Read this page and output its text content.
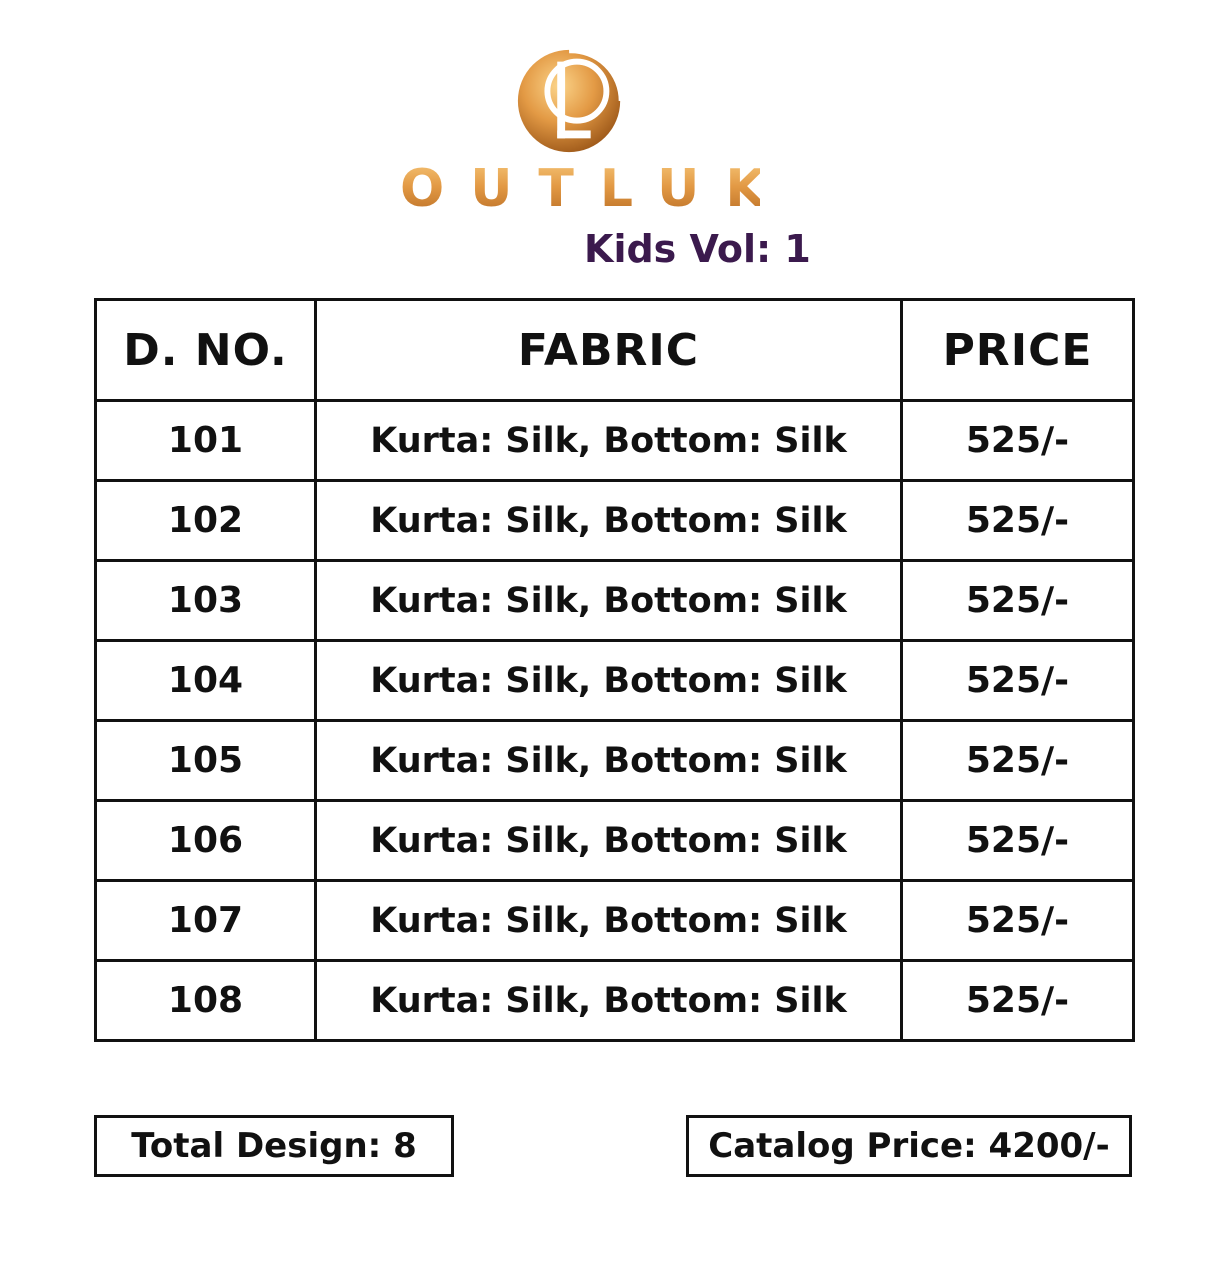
OUTLUK
Kids Vol: 1
D. NO.	FABRIC	PRICE
101	Kurta: Silk, Bottom: Silk	525/-
102	Kurta: Silk, Bottom: Silk	525/-
103	Kurta: Silk, Bottom: Silk	525/-
104	Kurta: Silk, Bottom: Silk	525/-
105	Kurta: Silk, Bottom: Silk	525/-
106	Kurta: Silk, Bottom: Silk	525/-
107	Kurta: Silk, Bottom: Silk	525/-
108	Kurta: Silk, Bottom: Silk	525/-
Total Design: 8	Catalog Price: 4200/-
